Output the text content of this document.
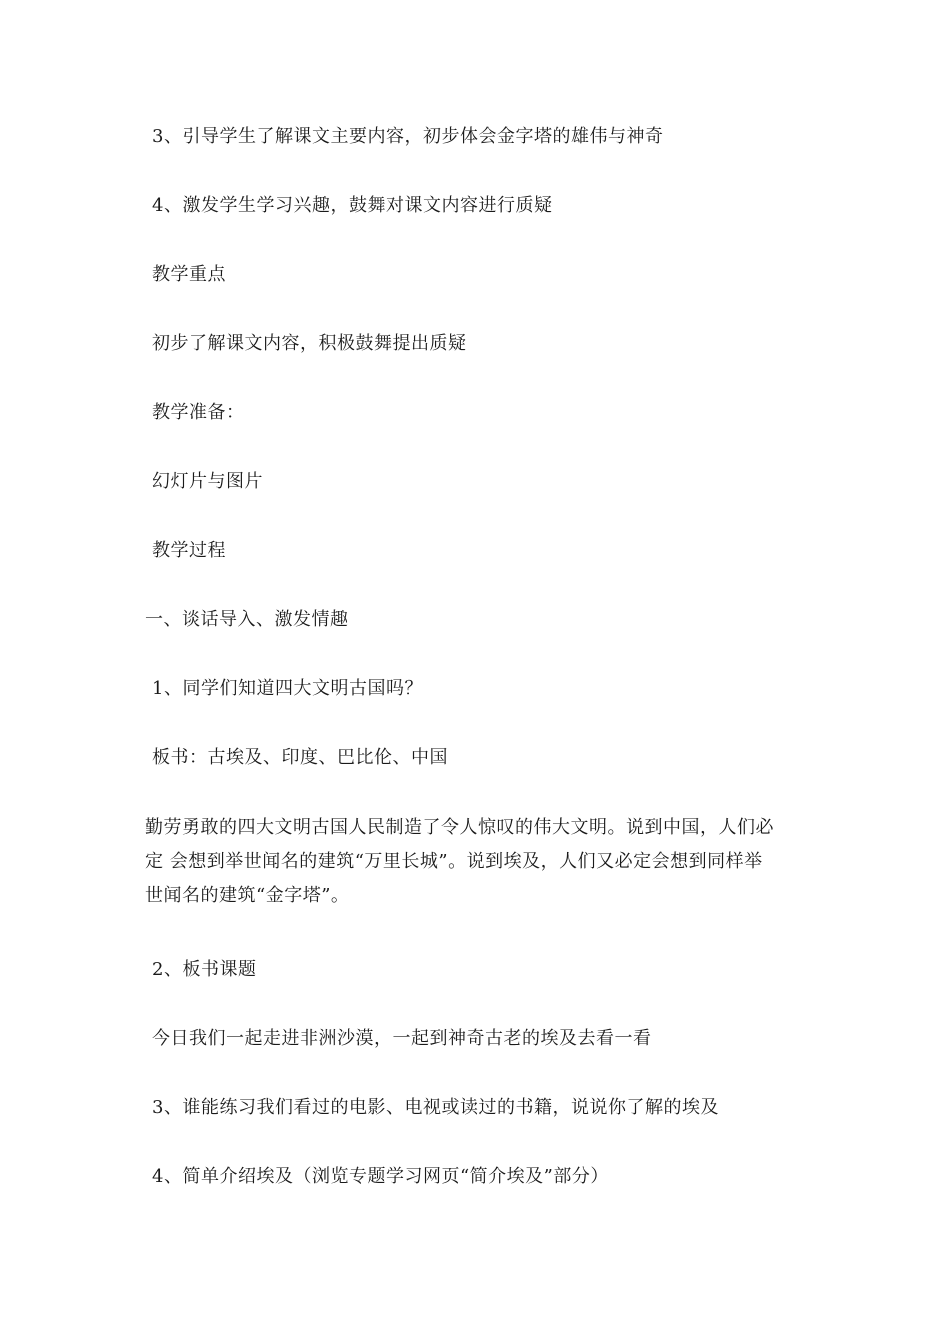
3、引导学生了解课文主要内容，初步体会金字塔的雄伟与神奇
4、激发学生学习兴趣，鼓舞对课文内容进行质疑
教学重点
初步了解课文内容，积极鼓舞提出质疑
教学准备：
幻灯片与图片
教学过程
一、谈话导入、激发情趣
1、同学们知道四大文明古国吗？
板书：古埃及、印度、巴比伦、中国
勤劳勇敢的四大文明古国人民制造了令人惊叹的伟大文明。说到中国，人们必
定 会想到举世闻名的建筑“万里长城”。说到埃及，人们又必定会想到同样举
世闻名的建筑“金字塔”。
2、板书课题
今日我们一起走进非洲沙漠，一起到神奇古老的埃及去看一看
3、谁能练习我们看过的电影、电视或读过的书籍，说说你了解的埃及
4、简单介绍埃及（浏览专题学习网页“简介埃及”部分）
